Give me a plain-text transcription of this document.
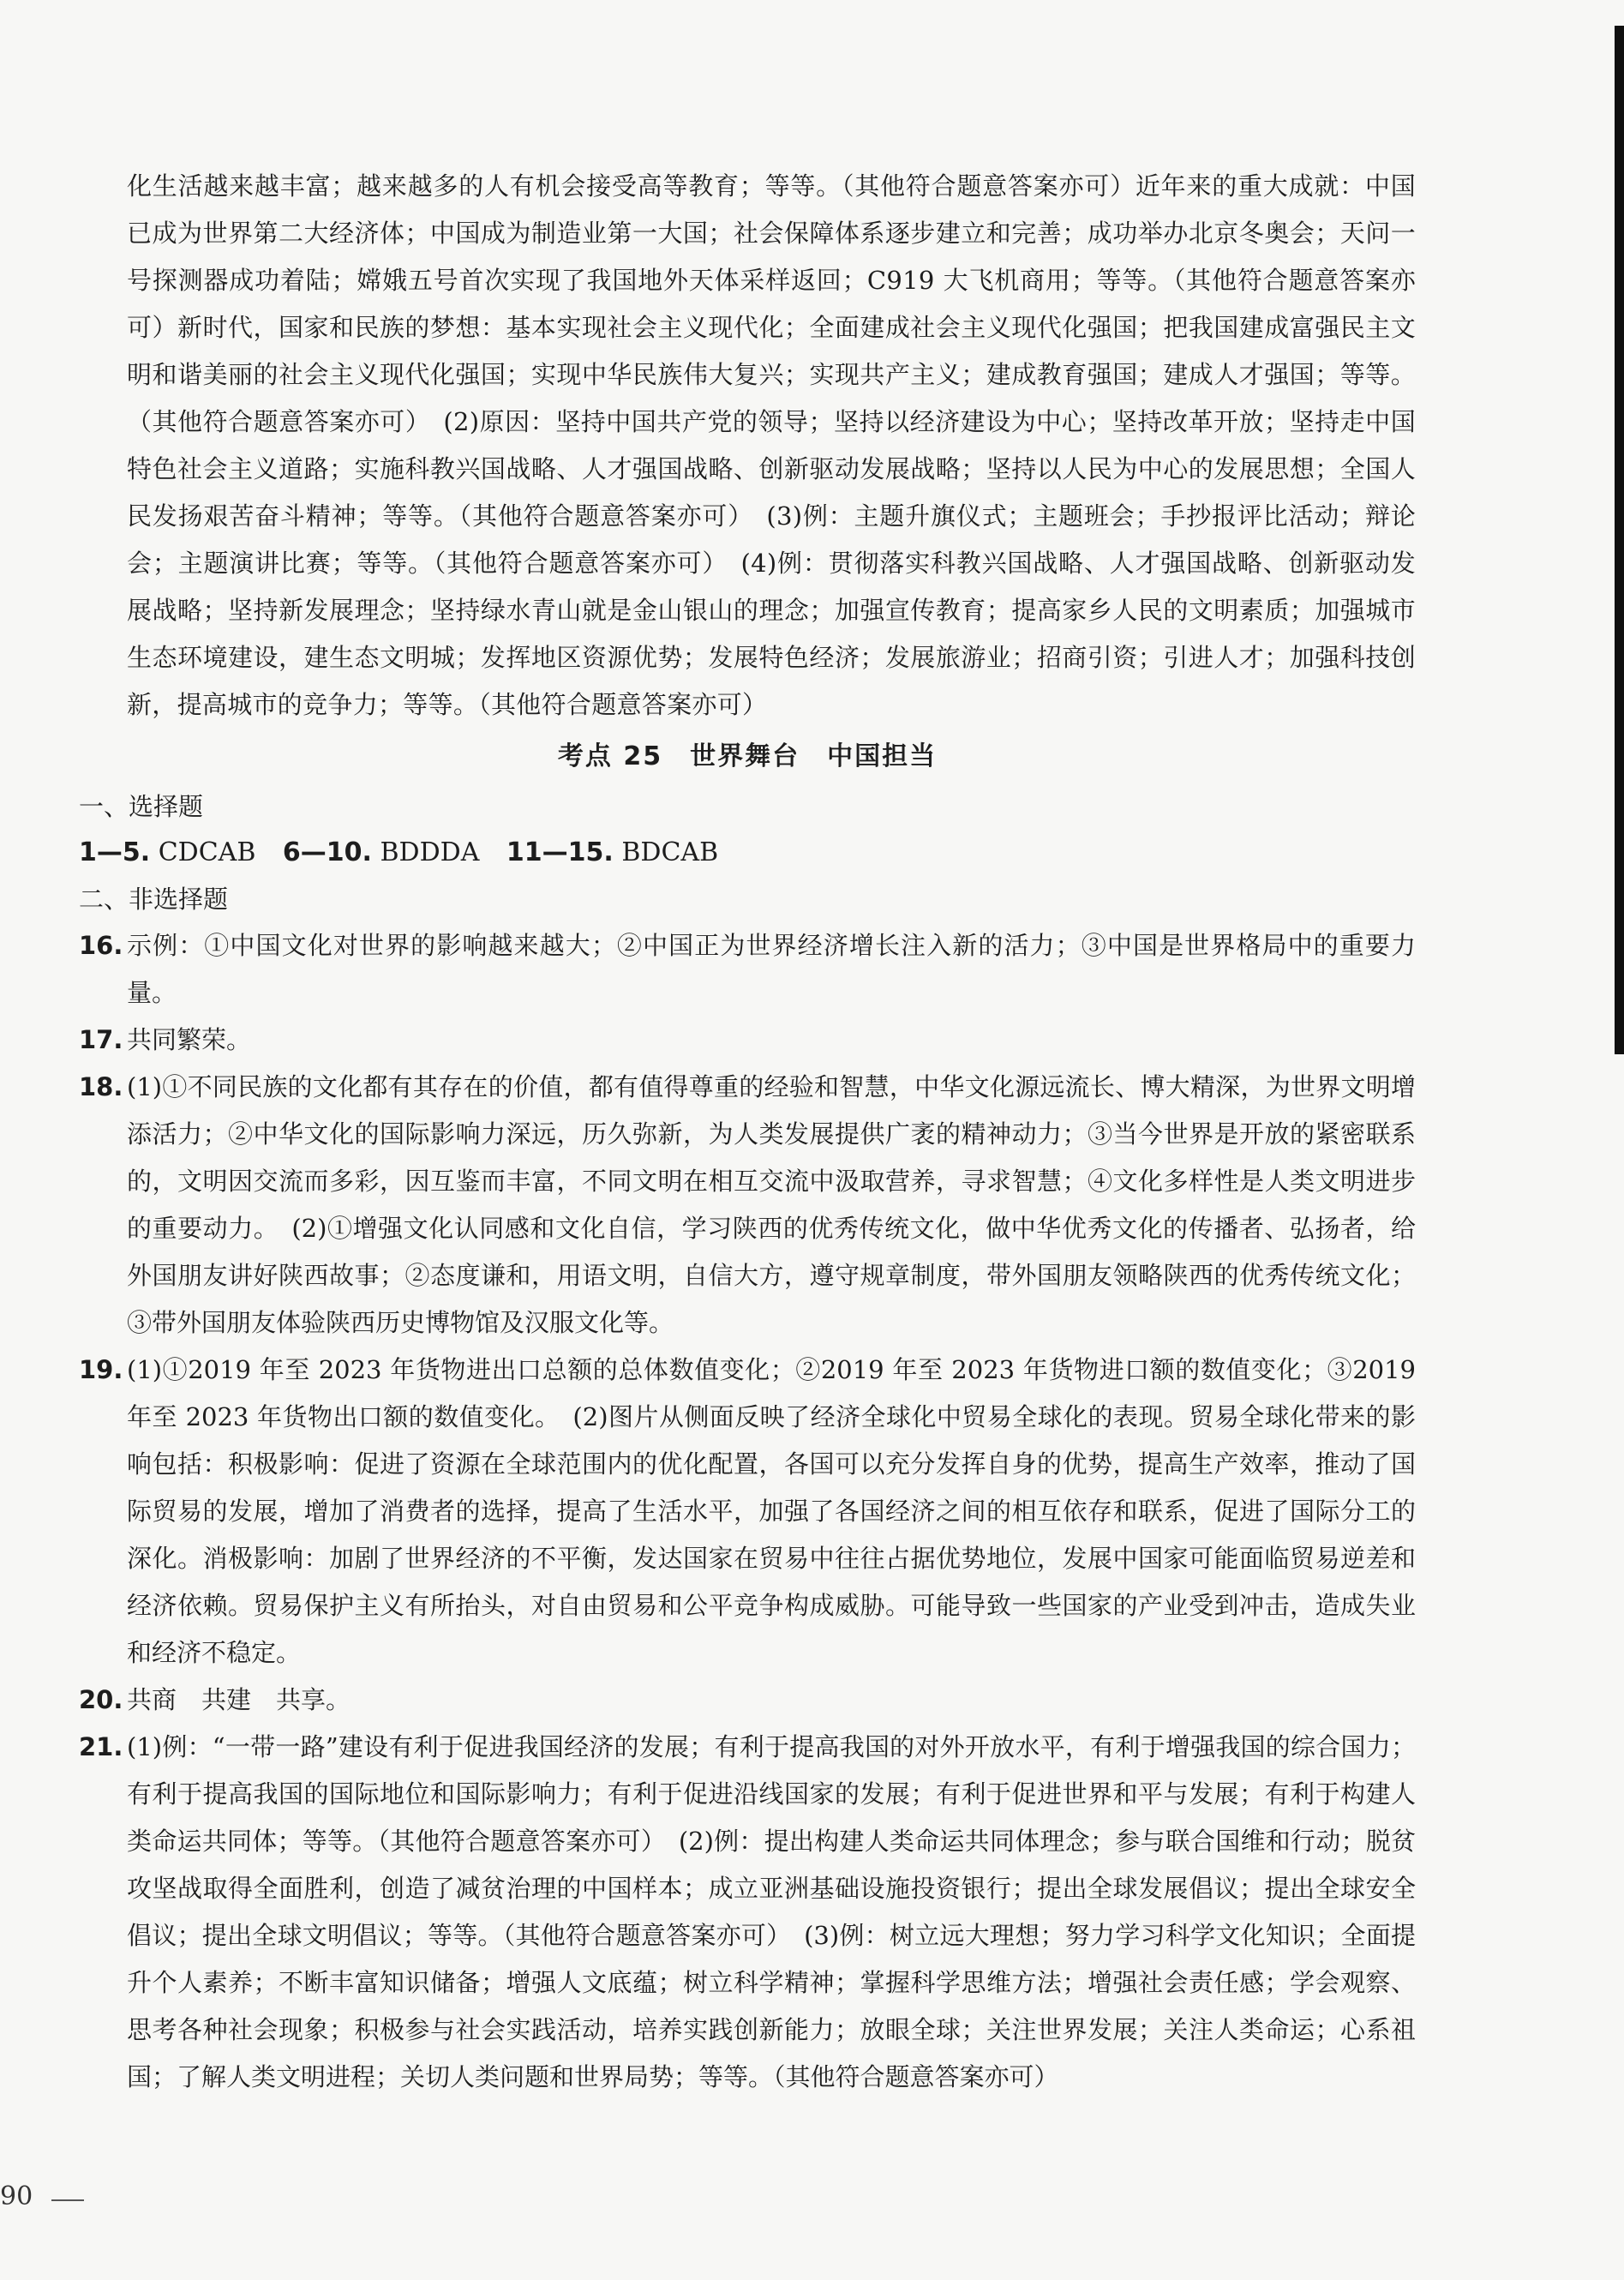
化生活越来越丰富；越来越多的人有机会接受高等教育；等等。（其他符合题意答案亦可）近年来的重大成就：中国已成为世界第二大经济体；中国成为制造业第一大国；社会保障体系逐步建立和完善；成功举办北京冬奥会；天问一号探测器成功着陆；嫦娥五号首次实现了我国地外天体采样返回；C919 大飞机商用；等等。（其他符合题意答案亦可）新时代，国家和民族的梦想：基本实现社会主义现代化；全面建成社会主义现代化强国；把我国建成富强民主文明和谐美丽的社会主义现代化强国；实现中华民族伟大复兴；实现共产主义；建成教育强国；建成人才强国；等等。（其他符合题意答案亦可）　(2)原因：坚持中国共产党的领导；坚持以经济建设为中心；坚持改革开放；坚持走中国特色社会主义道路；实施科教兴国战略、人才强国战略、创新驱动发展战略；坚持以人民为中心的发展思想；全国人民发扬艰苦奋斗精神；等等。（其他符合题意答案亦可）　(3)例：主题升旗仪式；主题班会；手抄报评比活动；辩论会；主题演讲比赛；等等。（其他符合题意答案亦可）　(4)例：贯彻落实科教兴国战略、人才强国战略、创新驱动发展战略；坚持新发展理念；坚持绿水青山就是金山银山的理念；加强宣传教育；提高家乡人民的文明素质；加强城市生态环境建设，建生态文明城；发挥地区资源优势；发展特色经济；发展旅游业；招商引资；引进人才；加强科技创新，提高城市的竞争力；等等。（其他符合题意答案亦可）
考点 25　世界舞台　中国担当
一、选择题
1—5. CDCAB 6—10. BDDDA 11—15. BDCAB
二、非选择题
16. 示例：①中国文化对世界的影响越来越大；②中国正为世界经济增长注入新的活力；③中国是世界格局中的重要力量。
17. 共同繁荣。
18. (1)①不同民族的文化都有其存在的价值，都有值得尊重的经验和智慧，中华文化源远流长、博大精深，为世界文明增添活力；②中华文化的国际影响力深远，历久弥新，为人类发展提供广袤的精神动力；③当今世界是开放的紧密联系的，文明因交流而多彩，因互鉴而丰富，不同文明在相互交流中汲取营养，寻求智慧；④文化多样性是人类文明进步的重要动力。　(2)①增强文化认同感和文化自信，学习陕西的优秀传统文化，做中华优秀文化的传播者、弘扬者，给外国朋友讲好陕西故事；②态度谦和，用语文明，自信大方，遵守规章制度，带外国朋友领略陕西的优秀传统文化；③带外国朋友体验陕西历史博物馆及汉服文化等。
19. (1)①2019 年至 2023 年货物进出口总额的总体数值变化；②2019 年至 2023 年货物进口额的数值变化；③2019 年至 2023 年货物出口额的数值变化。　(2)图片从侧面反映了经济全球化中贸易全球化的表现。贸易全球化带来的影响包括：积极影响：促进了资源在全球范围内的优化配置，各国可以充分发挥自身的优势，提高生产效率，推动了国际贸易的发展，增加了消费者的选择，提高了生活水平，加强了各国经济之间的相互依存和联系，促进了国际分工的深化。消极影响：加剧了世界经济的不平衡，发达国家在贸易中往往占据优势地位，发展中国家可能面临贸易逆差和经济依赖。贸易保护主义有所抬头，对自由贸易和公平竞争构成威胁。可能导致一些国家的产业受到冲击，造成失业和经济不稳定。
20. 共商　共建　共享。
21. (1)例：“一带一路”建设有利于促进我国经济的发展；有利于提高我国的对外开放水平，有利于增强我国的综合国力；有利于提高我国的国际地位和国际影响力；有利于促进沿线国家的发展；有利于促进世界和平与发展；有利于构建人类命运共同体；等等。（其他符合题意答案亦可）　(2)例：提出构建人类命运共同体理念；参与联合国维和行动；脱贫攻坚战取得全面胜利，创造了减贫治理的中国样本；成立亚洲基础设施投资银行；提出全球发展倡议；提出全球安全倡议；提出全球文明倡议；等等。（其他符合题意答案亦可）　(3)例：树立远大理想；努力学习科学文化知识；全面提升个人素养；不断丰富知识储备；增强人文底蕴；树立科学精神；掌握科学思维方法；增强社会责任感；学会观察、思考各种社会现象；积极参与社会实践活动，培养实践创新能力；放眼全球；关注世界发展；关注人类命运；心系祖国；了解人类文明进程；关切人类问题和世界局势；等等。（其他符合题意答案亦可）
90
